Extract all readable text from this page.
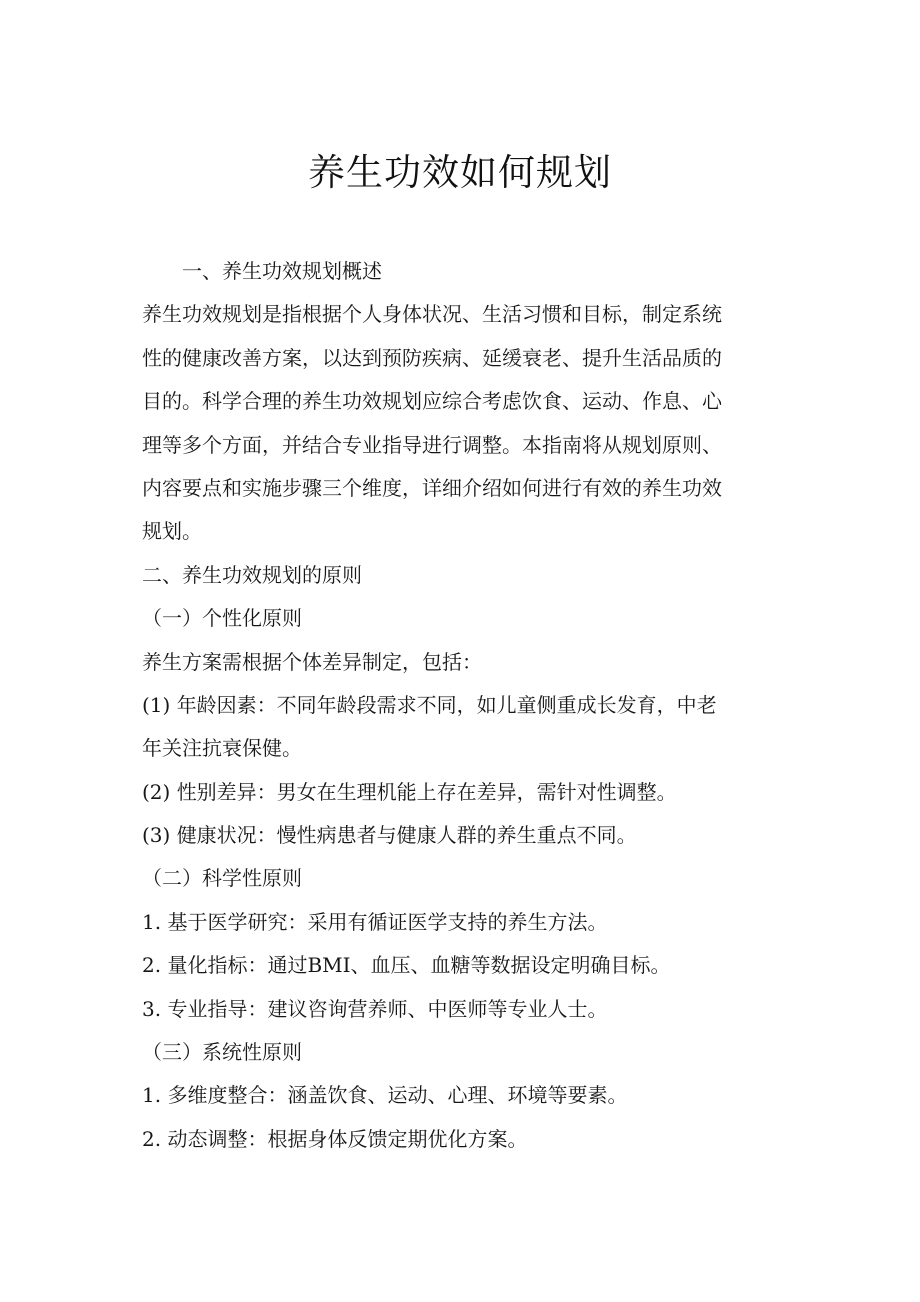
养生功效如何规划
一、养生功效规划概述
养生功效规划是指根据个人身体状况、生活习惯和目标，制定系统
性的健康改善方案，以达到预防疾病、延缓衰老、提升生活品质的
目的。科学合理的养生功效规划应综合考虑饮食、运动、作息、心
理等多个方面，并结合专业指导进行调整。本指南将从规划原则、
内容要点和实施步骤三个维度，详细介绍如何进行有效的养生功效
规划。
二、养生功效规划的原则
（一）个性化原则
养生方案需根据个体差异制定，包括：
(1) 年龄因素：不同年龄段需求不同，如儿童侧重成长发育，中老
年关注抗衰保健。
(2) 性别差异：男女在生理机能上存在差异，需针对性调整。
(3) 健康状况：慢性病患者与健康人群的养生重点不同。
（二）科学性原则
1. 基于医学研究：采用有循证医学支持的养生方法。
2. 量化指标：通过BMI、血压、血糖等数据设定明确目标。
3. 专业指导：建议咨询营养师、中医师等专业人士。
（三）系统性原则
1. 多维度整合：涵盖饮食、运动、心理、环境等要素。
2. 动态调整：根据身体反馈定期优化方案。
